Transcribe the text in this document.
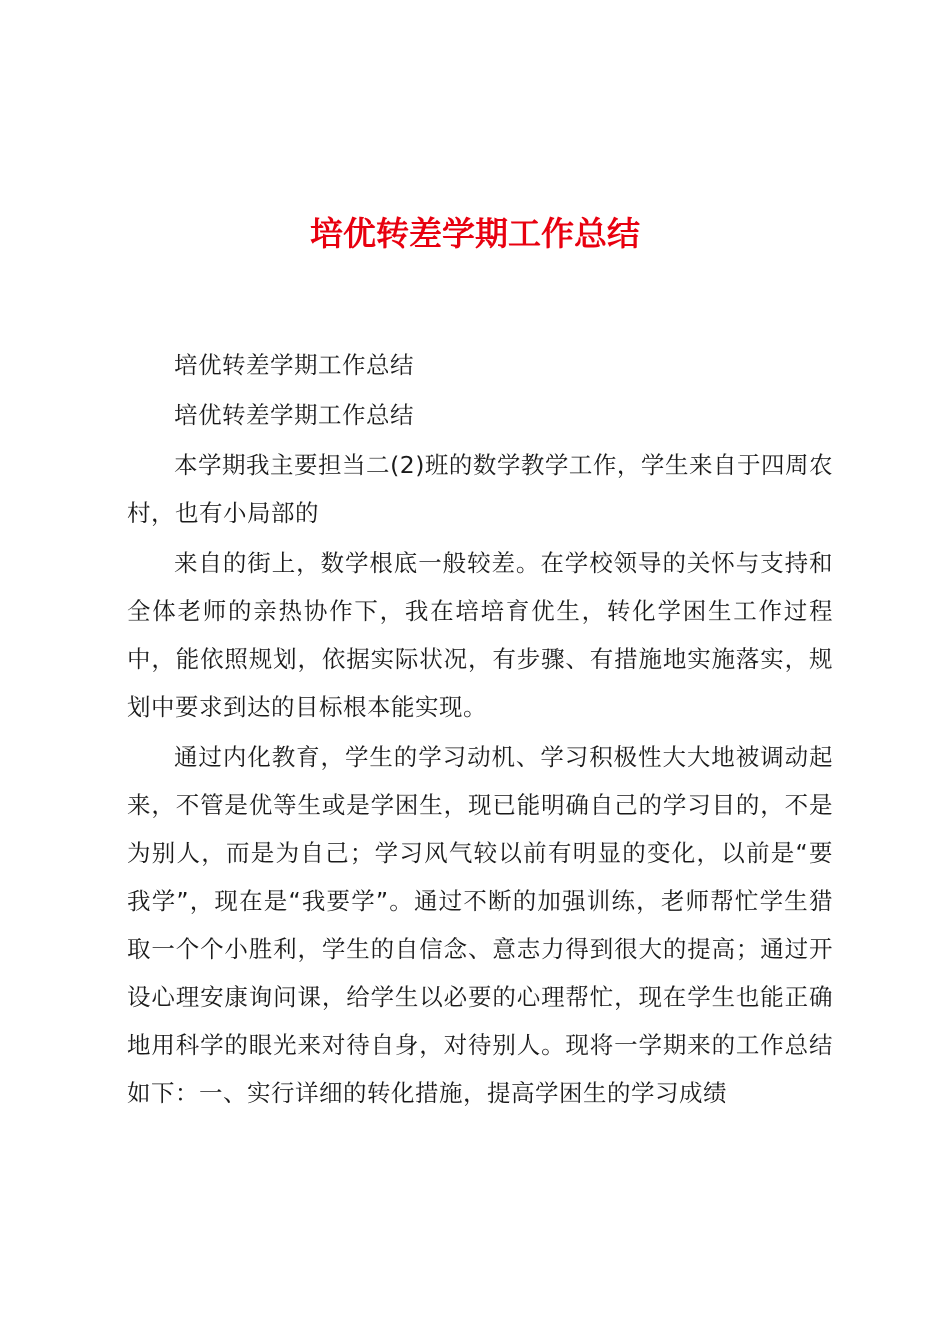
培优转差学期工作总结

培优转差学期工作总结

培优转差学期工作总结

本学期我主要担当二(2)班的数学教学工作，学生来自于四周农村，也有小局部的

来自的街上，数学根底一般较差。在学校领导的关怀与支持和全体老师的亲热协作下，我在培培育优生，转化学困生工作过程中，能依照规划，依据实际状况，有步骤、有措施地实施落实，规划中要求到达的目标根本能实现。

通过内化教育，学生的学习动机、学习积极性大大地被调动起来，不管是优等生或是学困生，现已能明确自己的学习目的，不是为别人，而是为自己；学习风气较以前有明显的变化，以前是“要我学”，现在是“我要学”。通过不断的加强训练，老师帮忙学生猎取一个个小胜利，学生的自信念、意志力得到很大的提高；通过开设心理安康询问课，给学生以必要的心理帮忙，现在学生也能正确地用科学的眼光来对待自身，对待别人。现将一学期来的工作总结如下：一、实行详细的转化措施，提高学困生的学习成绩
